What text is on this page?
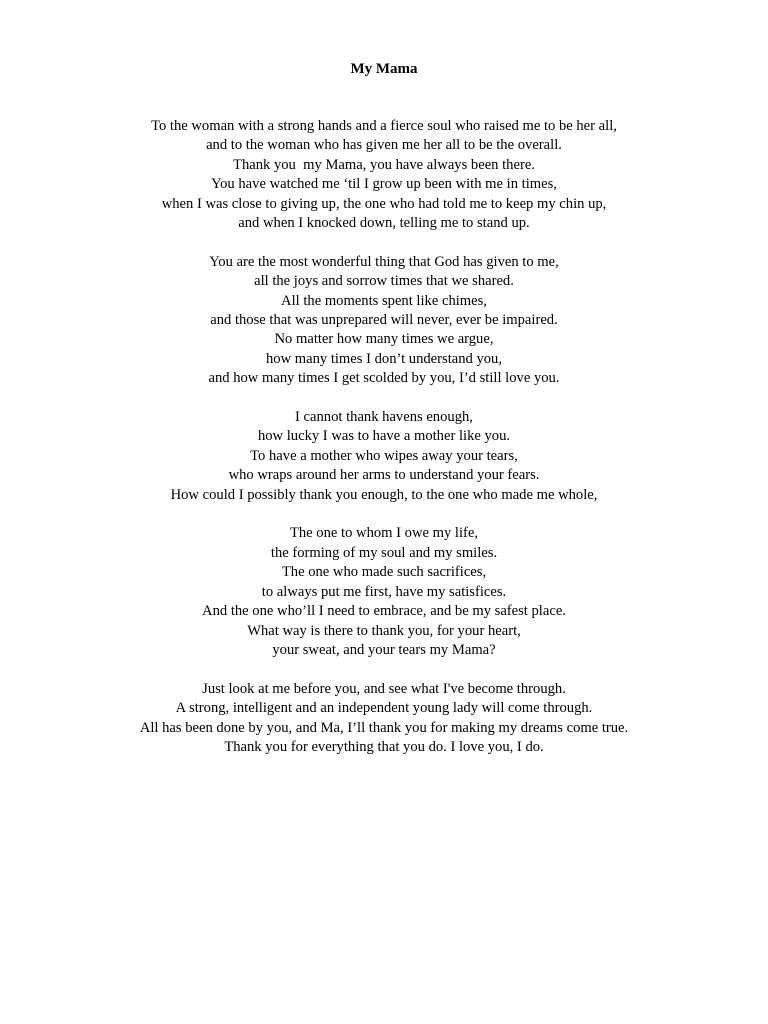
My Mama
To the woman with a strong hands and a fierce soul who raised me to be her all,
and to the woman who has given me her all to be the overall.
Thank you  my Mama, you have always been there.
You have watched me ‘til I grow up been with me in times,
when I was close to giving up, the one who had told me to keep my chin up,
and when I knocked down, telling me to stand up.
You are the most wonderful thing that God has given to me,
all the joys and sorrow times that we shared.
All the moments spent like chimes,
and those that was unprepared will never, ever be impaired.
No matter how many times we argue,
how many times I don’t understand you,
and how many times I get scolded by you, I’d still love you.
I cannot thank havens enough,
how lucky I was to have a mother like you.
To have a mother who wipes away your tears,
who wraps around her arms to understand your fears.
How could I possibly thank you enough, to the one who made me whole,
The one to whom I owe my life,
the forming of my soul and my smiles.
The one who made such sacrifices,
to always put me first, have my satisfices.
And the one who’ll I need to embrace, and be my safest place.
What way is there to thank you, for your heart,
your sweat, and your tears my Mama?
Just look at me before you, and see what I've become through.
A strong, intelligent and an independent young lady will come through.
All has been done by you, and Ma, I’ll thank you for making my dreams come true.
Thank you for everything that you do. I love you, I do.
